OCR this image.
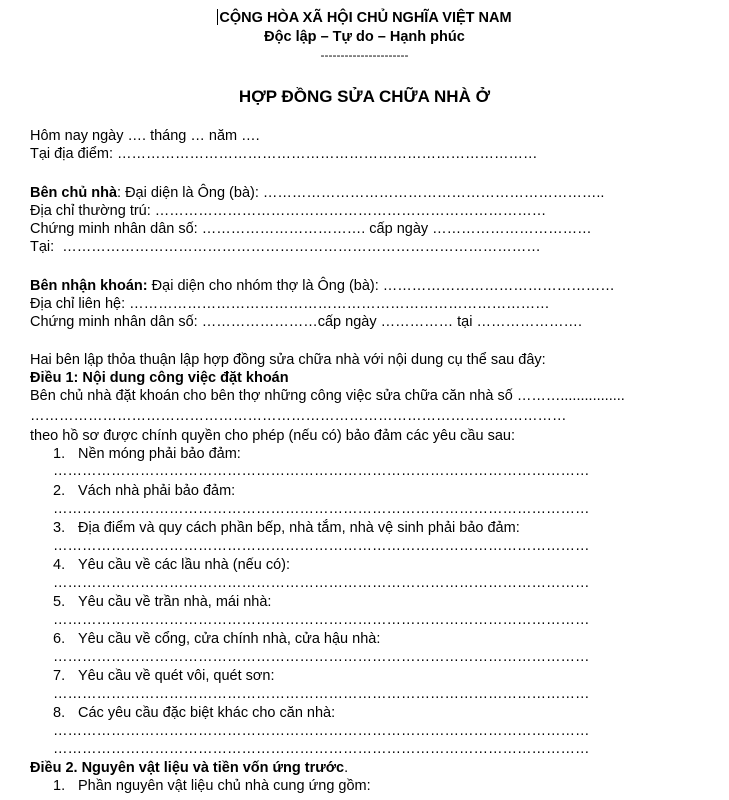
CỘNG HÒA XÃ HỘI CHỦ NGHĨA VIỆT NAM
Độc lập – Tự do – Hạnh phúc
----------------------
HỢP ĐỒNG SỬA CHỮA NHÀ Ở
Hôm nay ngày …. tháng … năm ….
Tại địa điểm: ……………………………………………………………………………
Bên chủ nhà: Đại diện là Ông (bà): ……………………………………………………………..
Địa chỉ thường trú: ………………………………………………………………………
Chứng minh nhân dân số: ……………………………. cấp ngày ……………………………
Tại:  ………………………………………………………………………………………
Bên nhận khoán: Đại diện cho nhóm thợ là Ông (bà): …………………………………………
Địa chỉ liên hệ: ……………………………………………………………………………
Chứng minh nhân dân số: ……………………cấp ngày …………… tại ………………….
Hai bên lập thỏa thuận lập hợp đồng sửa chữa nhà với nội dung cụ thể sau đây:
Điều 1: Nội dung công việc đặt khoán
Bên chủ nhà đặt khoán cho bên thợ những công việc sửa chữa căn nhà số ………................
…………………………………………………………………………………………………
theo hồ sơ được chính quyền cho phép (nếu có) bảo đảm các yêu cầu sau:
1. Nền móng phải bảo đảm:
…………………………………………………………………………………………………
2. Vách nhà phải bảo đảm:
…………………………………………………………………………………………………
3. Địa điểm và quy cách phần bếp, nhà tắm, nhà vệ sinh phải bảo đảm:
…………………………………………………………………………………………………
4. Yêu cầu về các lầu nhà (nếu có):
…………………………………………………………………………………………………
5. Yêu cầu về trần nhà, mái nhà:
…………………………………………………………………………………………………
6. Yêu cầu về cổng, cửa chính nhà, cửa hậu nhà:
…………………………………………………………………………………………………
7. Yêu cầu về quét vôi, quét sơn:
…………………………………………………………………………………………………
8. Các yêu cầu đặc biệt khác cho căn nhà:
…………………………………………………………………………………………………
…………………………………………………………………………………………………
Điều 2. Nguyên vật liệu và tiền vốn ứng trước.
1. Phần nguyên vật liệu chủ nhà cung ứng gồm:
